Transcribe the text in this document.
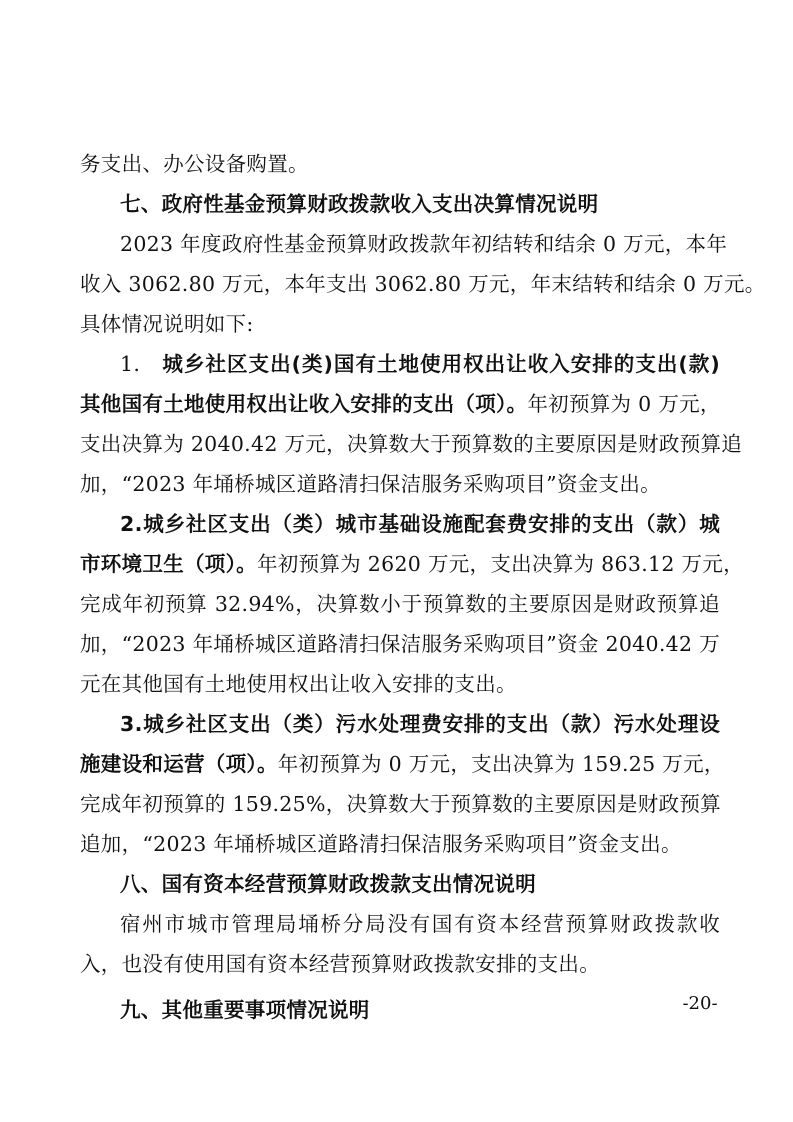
务支出、办公设备购置。
七、政府性基金预算财政拨款收入支出决算情况说明
2023 年度政府性基金预算财政拨款年初结转和结余 0 万元，本年
收入 3062.80 万元，本年支出 3062.80 万元，年末结转和结余 0 万元。
具体情况说明如下:
1.　城乡社区支出(类)国有土地使用权出让收入安排的支出(款)
其他国有土地使用权出让收入安排的支出（项）。年初预算为 0 万元，
支出决算为 2040.42 万元，决算数大于预算数的主要原因是财政预算追
加，“2023 年埇桥城区道路清扫保洁服务采购项目”资金支出。
2.城乡社区支出（类）城市基础设施配套费安排的支出（款）城
市环境卫生（项）。年初预算为 2620 万元，支出决算为 863.12 万元，
完成年初预算 32.94%，决算数小于预算数的主要原因是财政预算追
加，“2023 年埇桥城区道路清扫保洁服务采购项目”资金 2040.42 万
元在其他国有土地使用权出让收入安排的支出。
3.城乡社区支出（类）污水处理费安排的支出（款）污水处理设
施建设和运营（项）。年初预算为 0 万元，支出决算为 159.25 万元，
完成年初预算的 159.25%，决算数大于预算数的主要原因是财政预算
追加，“2023 年埇桥城区道路清扫保洁服务采购项目”资金支出。
八、国有资本经营预算财政拨款支出情况说明
宿州市城市管理局埇桥分局没有国有资本经营预算财政拨款收
入，也没有使用国有资本经营预算财政拨款安排的支出。
九、其他重要事项情况说明	-20-
